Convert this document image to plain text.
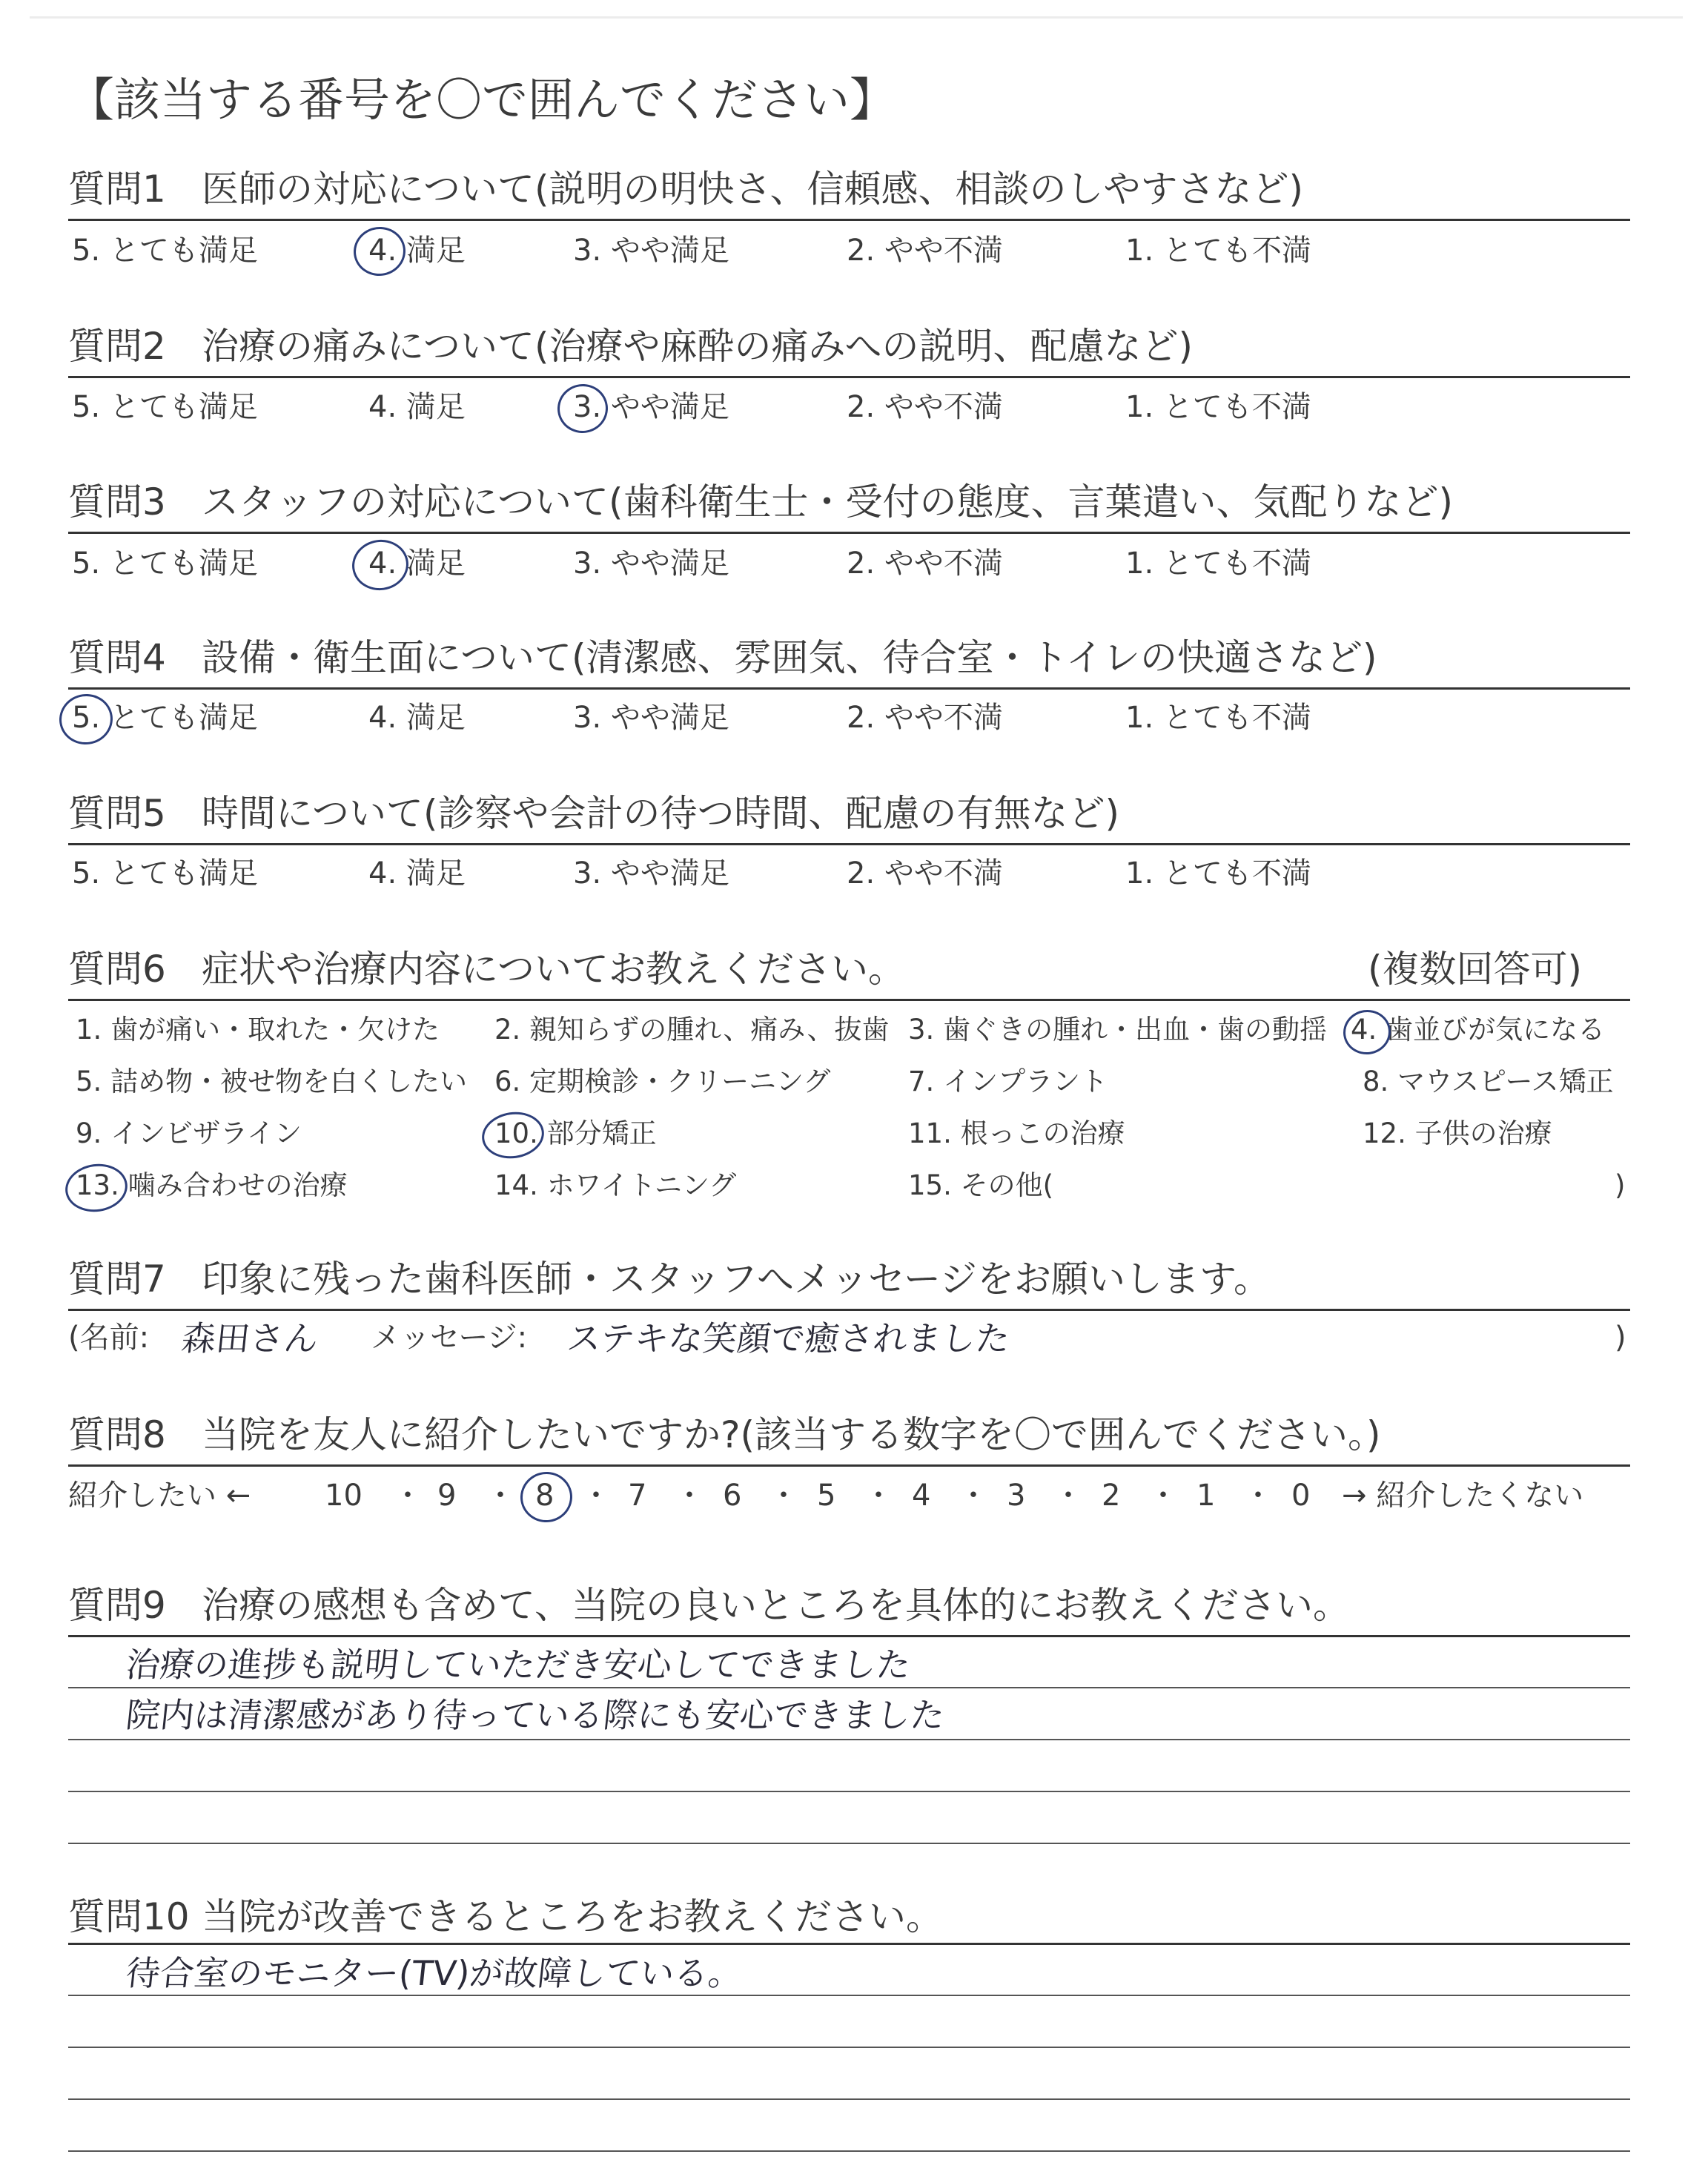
【該当する番号を〇で囲んでください】
質問1 医師の対応について(説明の明快さ、信頼感、相談のしやすさなど)
5. とても満足	4. 満足	3. やや満足	2. やや不満	1. とても不満
質問2 治療の痛みについて(治療や麻酔の痛みへの説明、配慮など)
5. とても満足	4. 満足	3. やや満足	2. やや不満	1. とても不満
質問3 スタッフの対応について(歯科衛生士・受付の態度、言葉遣い、気配りなど)
5. とても満足	4. 満足	3. やや満足	2. やや不満	1. とても不満
質問4 設備・衛生面について(清潔感、雰囲気、待合室・トイレの快適さなど)
5. とても満足	4. 満足	3. やや満足	2. やや不満	1. とても不満
質問5 時間について(診察や会計の待つ時間、配慮の有無など)
5. とても満足	4. 満足	3. やや満足	2. やや不満	1. とても不満
質問6 症状や治療内容についてお教えください。	(複数回答可)
1. 歯が痛い・取れた・欠けた 2. 親知らずの腫れ、痛み、抜歯 3. 歯ぐきの腫れ・出血・歯の動揺 4. 歯並びが気になる
5. 詰め物・被せ物を白くしたい 6. 定期検診・クリーニング	7. インプラント	8. マウスピース矯正
9. インビザライン	10. 部分矯正	11. 根っこの治療	12. 子供の治療
13. 噛み合わせの治療	14. ホワイトニング	15. その他(	)
質問7 印象に残った歯科医師・スタッフへメッセージをお願いします。
(名前: 森田さん メッセージ: ステキな笑顔で癒されました	)
質問8 当院を友人に紹介したいですか?(該当する数字を〇で囲んでください。)
紹介したい ←	→ 紹介したくない
10 ・ 9 ・ 8 ・ 7 ・ 6 ・ 5 ・ 4 ・ 3 ・ 2 ・ 1 ・ 0
質問9 治療の感想も含めて、当院の良いところを具体的にお教えください。
治療の進捗も説明していただき安心してできました
院内は清潔感があり待っている際にも安心できました
質問10 当院が改善できるところをお教えください。
待合室のモニター(TV)が故障している。
